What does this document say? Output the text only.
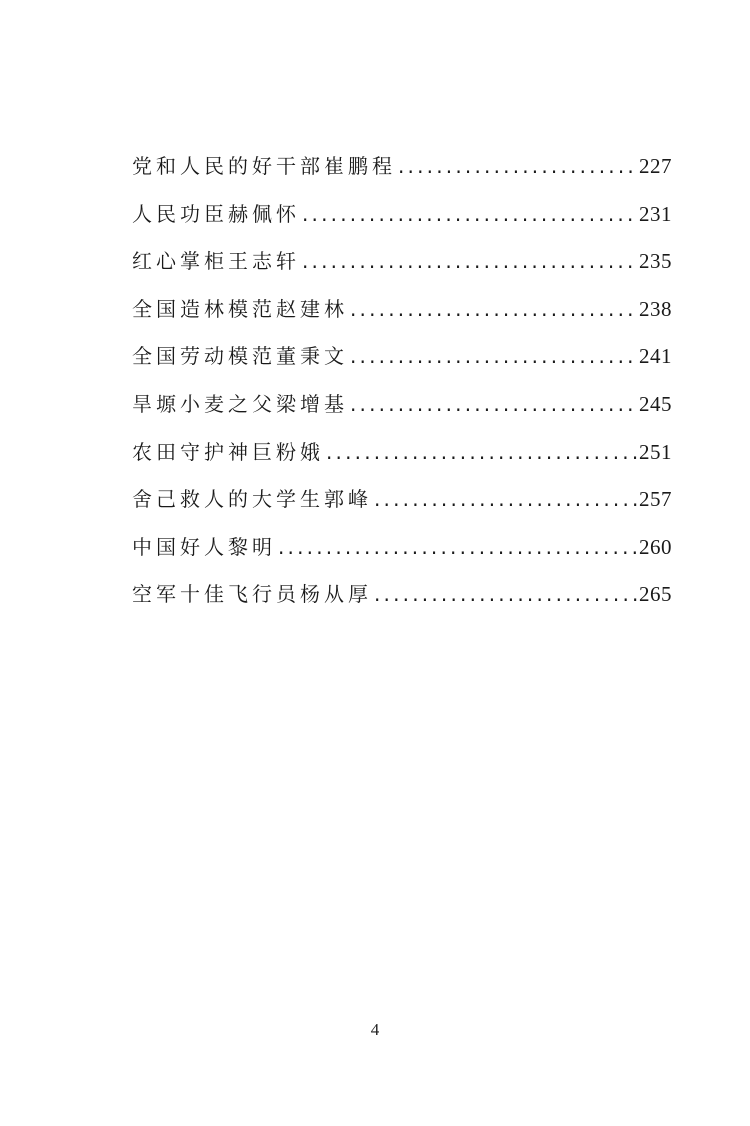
党和人民的好干部崔鹏程 .....	227
人民功臣赫佩怀 .....	231
红心掌柜王志轩 .....	235
全国造林模范赵建林 .....	238
全国劳动模范董秉文 .....	241
旱塬小麦之父梁增基 .....	245
农田守护神巨粉娥 .....	251
舍己救人的大学生郭峰 .....	257
中国好人黎明 .....	260
空军十佳飞行员杨从厚 .....	265
4
